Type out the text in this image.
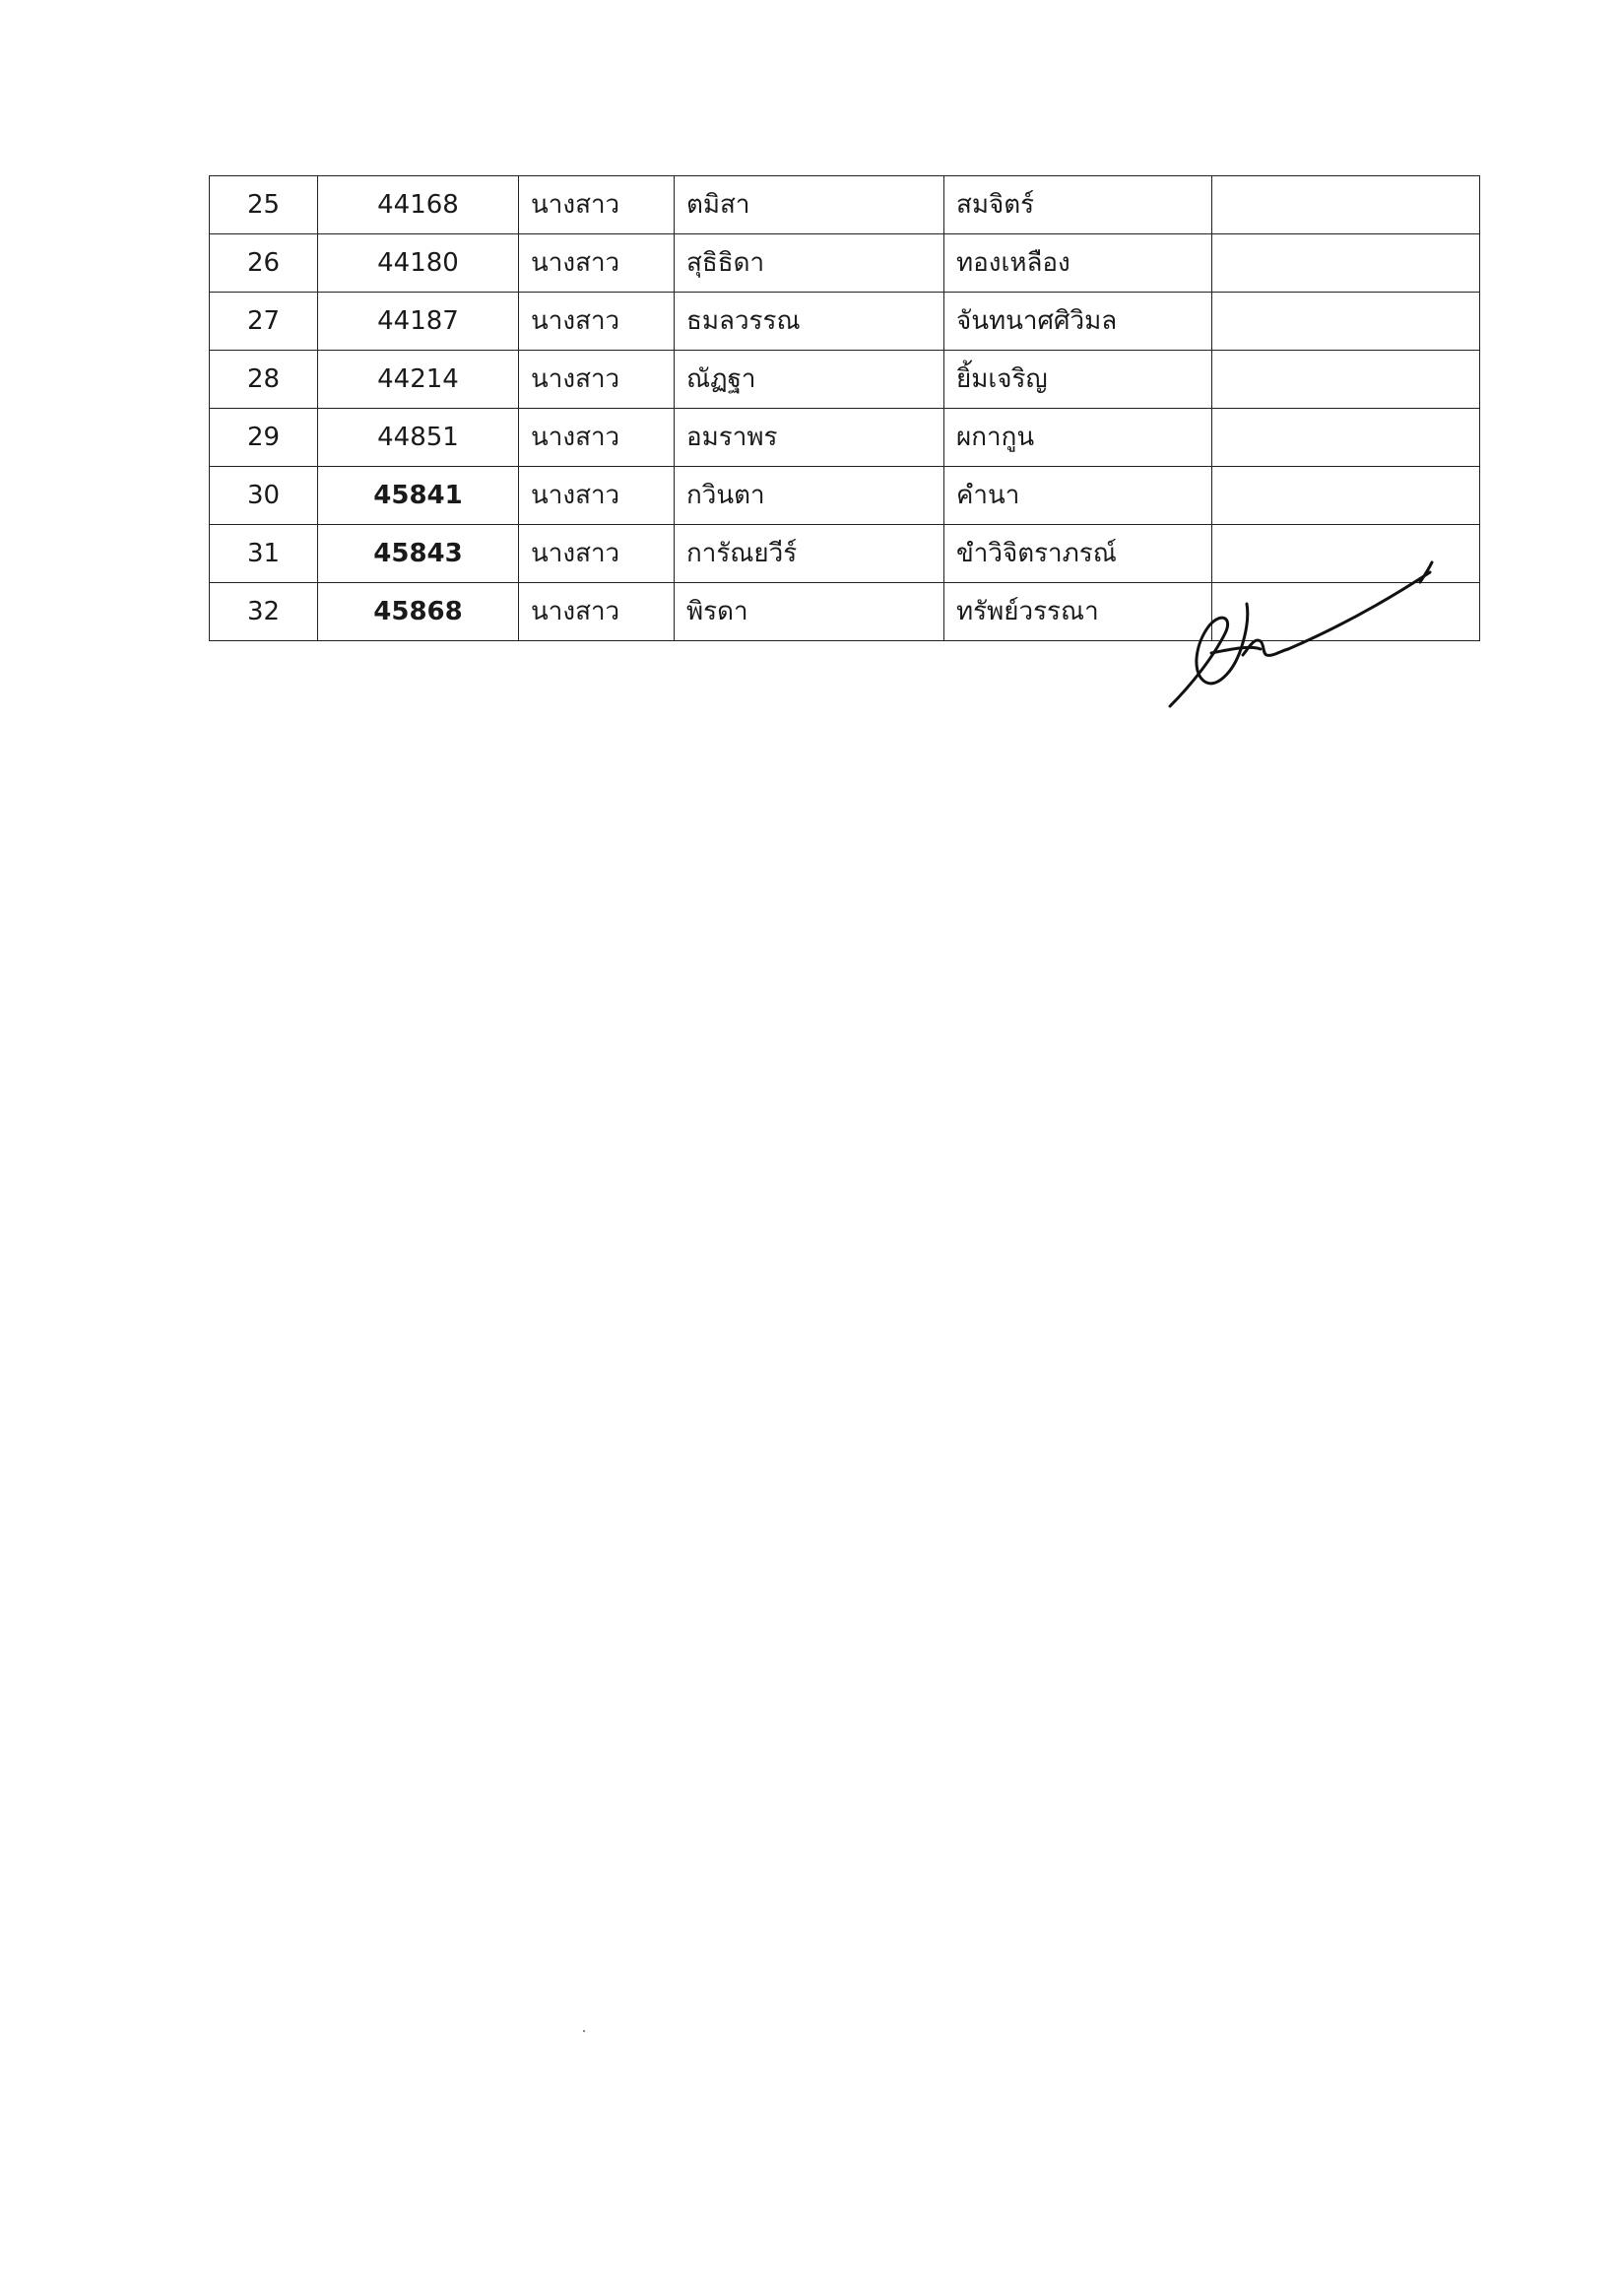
25	44168	นางสาว	ตมิสา	สมจิตร์	
26	44180	นางสาว	สุธิธิดา	ทองเหลือง	
27	44187	นางสาว	ธมลวรรณ	จันทนาศศิวิมล	
28	44214	นางสาว	ณัฏฐา	ยิ้มเจริญ	
29	44851	นางสาว	อมราพร	ผกากูน	
30	45841	นางสาว	กวินตา	คำนา	
31	45843	นางสาว	การัณยวีร์	ขำวิจิตราภรณ์	
32	45868	นางสาว	พิรดา	ทรัพย์วรรณา	
